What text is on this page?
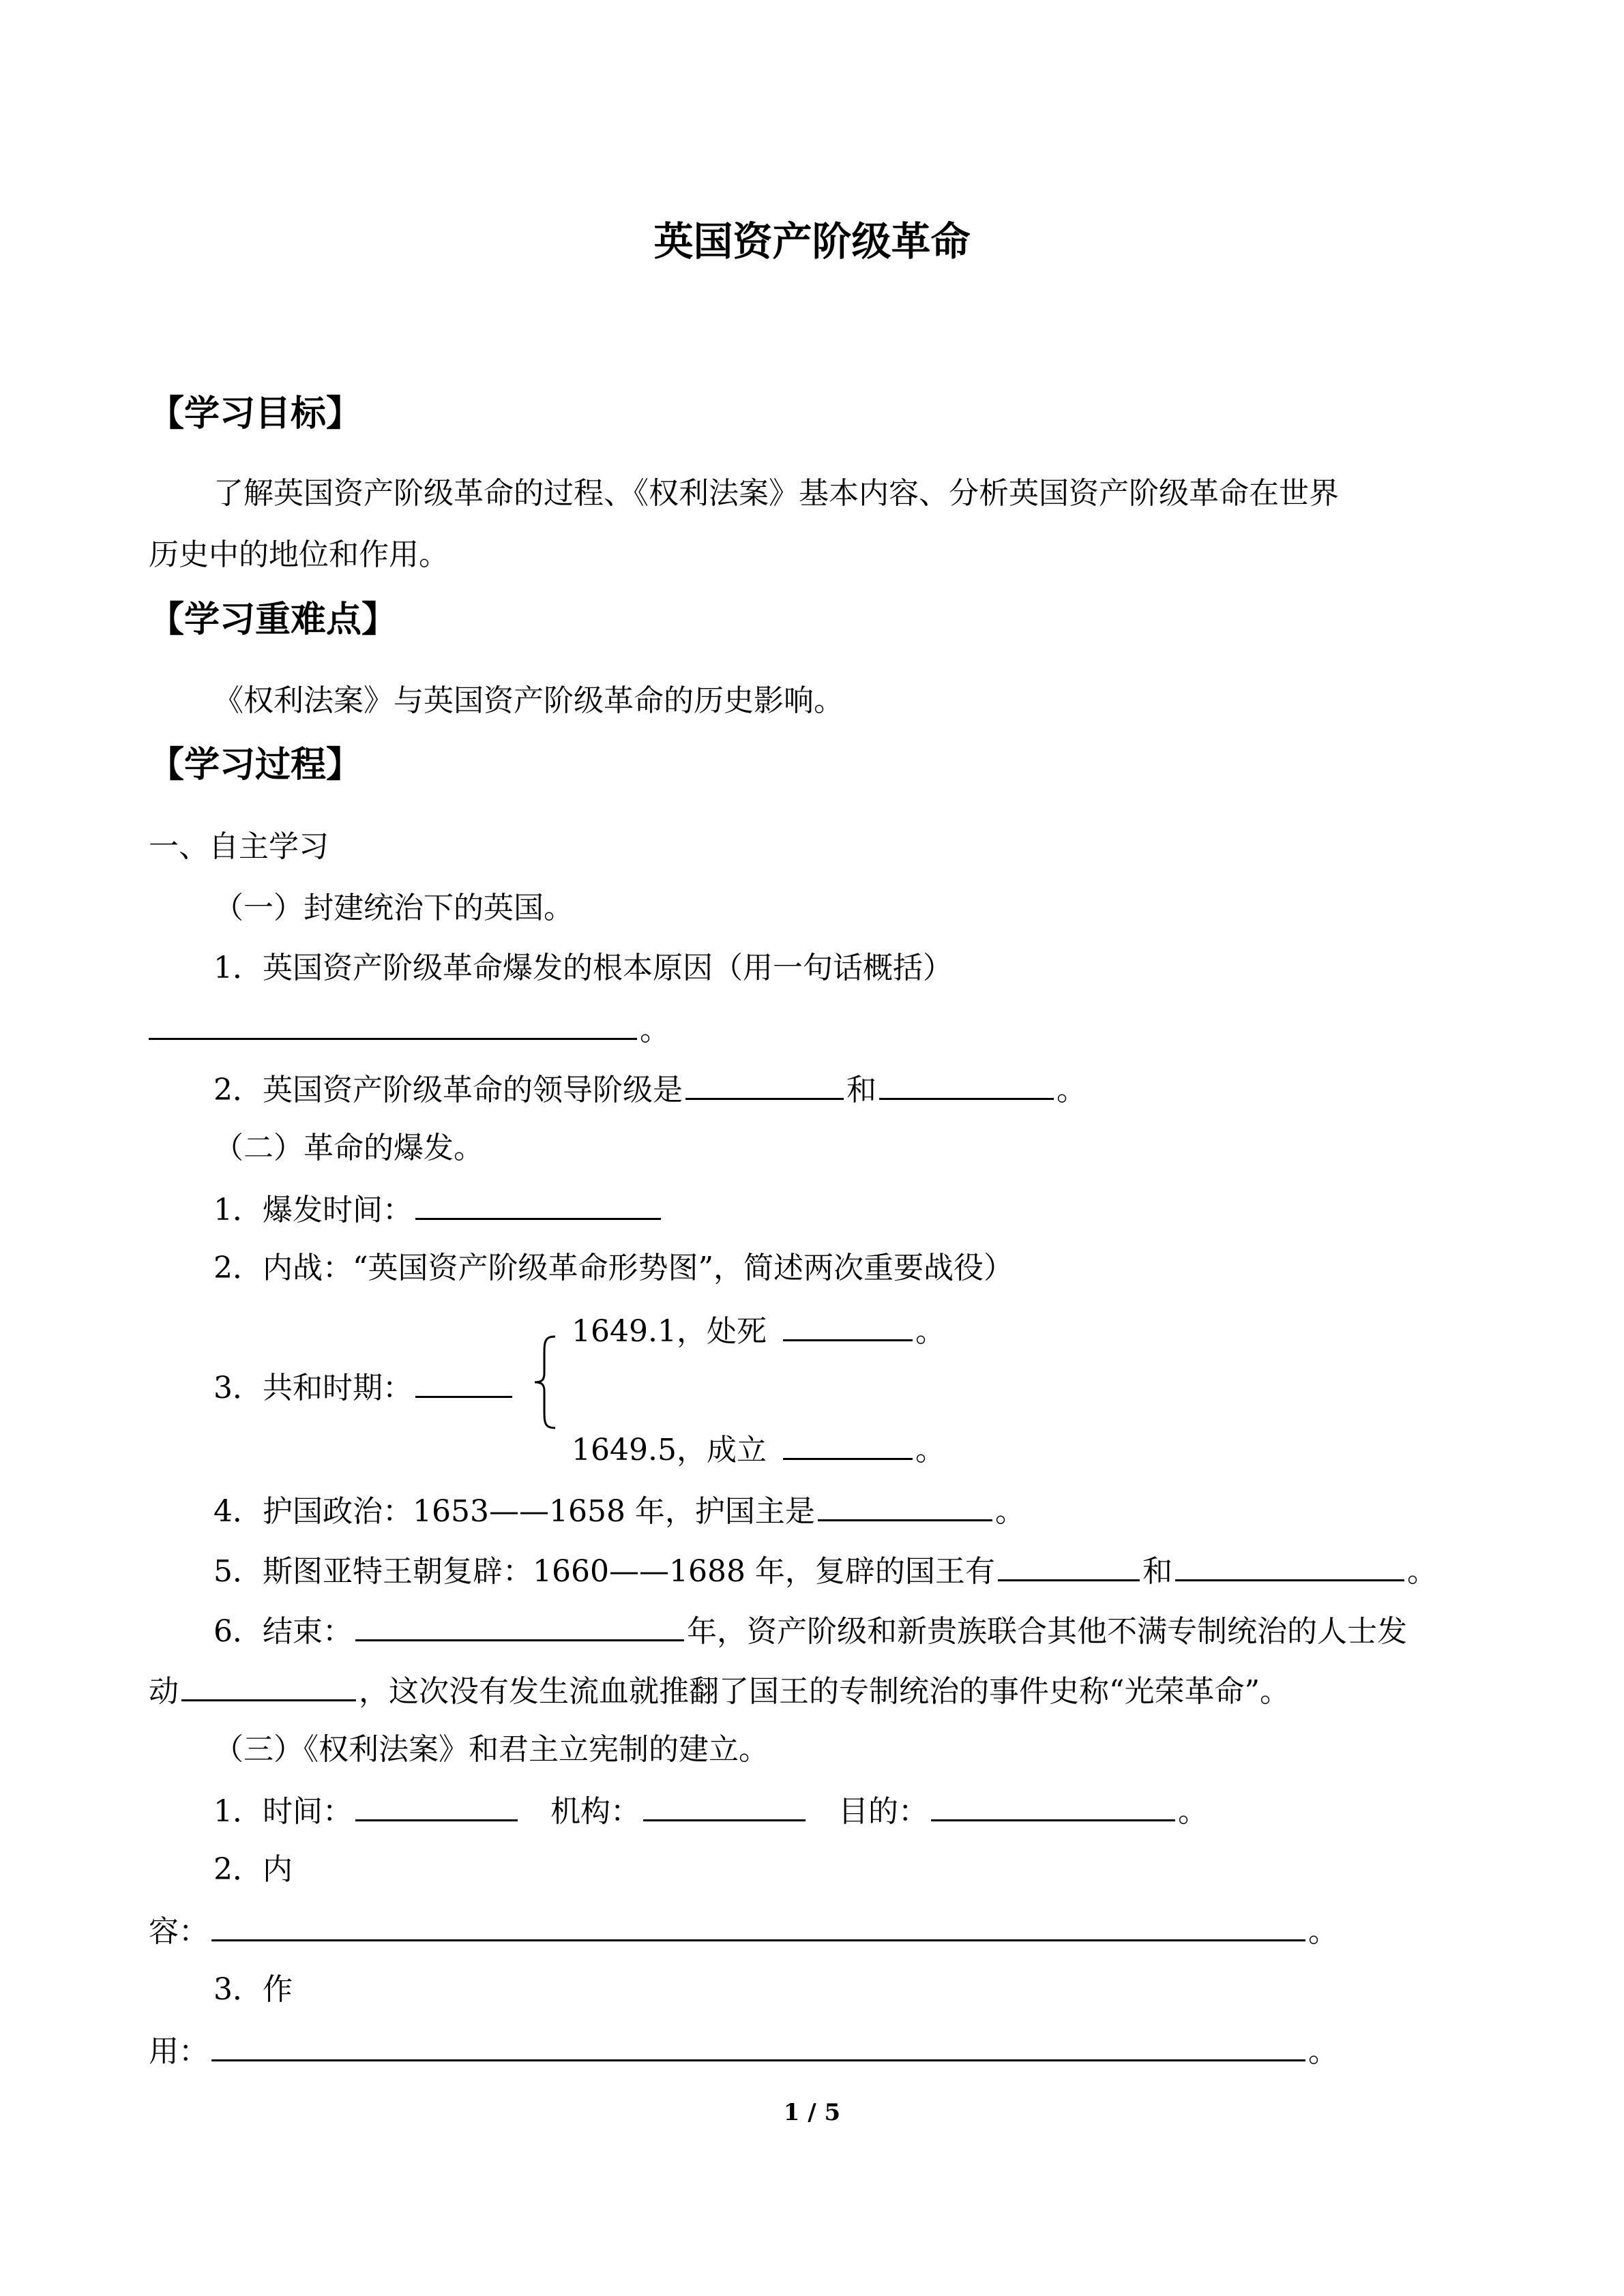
英国资产阶级革命
【学习目标】
了解英国资产阶级革命的过程、《权利法案》基本内容、分析英国资产阶级革命在世界
历史中的地位和作用。
【学习重难点】
《权利法案》与英国资产阶级革命的历史影响。
【学习过程】
一、自主学习
（一）封建统治下的英国。
1．英国资产阶级革命爆发的根本原因（用一句话概括）
。
2．英国资产阶级革命的领导阶级是	和	。
（二）革命的爆发。
1．爆发时间：
2．内战：“英国资产阶级革命形势图”，简述两次重要战役）
1649.1，处死	。
3．共和时期：
1649.5，成立	。
4．护国政治：1653——1658 年，护国主是	。
5．斯图亚特王朝复辟：1660——1688 年，复辟的国王有	和	。
6．结束：	年，资产阶级和新贵族联合其他不满专制统治的人士发
动	，这次没有发生流血就推翻了国王的专制统治的事件史称“光荣革命”。
（三）《权利法案》和君主立宪制的建立。
1．时间：	机构：	目的：	。
2．内
容：	。
3．作
用：	。
1 / 5
